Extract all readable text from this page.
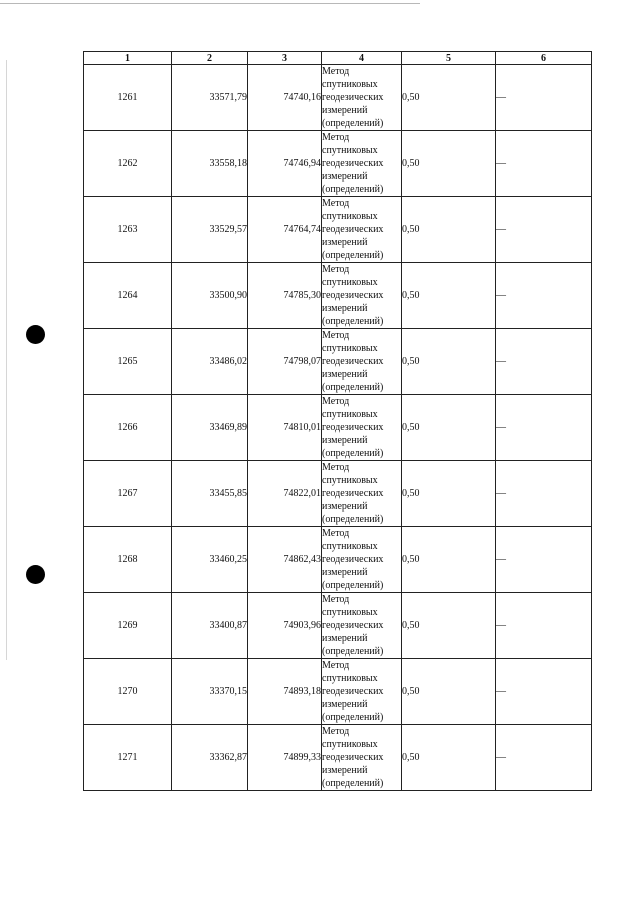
1	2	3	4	5	6
1261	33571,79	74740,16	Метод спутниковых геодезических измерений (определений)	0,50	—
1262	33558,18	74746,94	Метод спутниковых геодезических измерений (определений)	0,50	—
1263	33529,57	74764,74	Метод спутниковых геодезических измерений (определений)	0,50	—
1264	33500,90	74785,30	Метод спутниковых геодезических измерений (определений)	0,50	—
1265	33486,02	74798,07	Метод спутниковых геодезических измерений (определений)	0,50	—
1266	33469,89	74810,01	Метод спутниковых геодезических измерений (определений)	0,50	—
1267	33455,85	74822,01	Метод спутниковых геодезических измерений (определений)	0,50	—
1268	33460,25	74862,43	Метод спутниковых геодезических измерений (определений)	0,50	—
1269	33400,87	74903,96	Метод спутниковых геодезических измерений (определений)	0,50	—
1270	33370,15	74893,18	Метод спутниковых геодезических измерений (определений)	0,50	—
1271	33362,87	74899,33	Метод спутниковых геодезических измерений (определений)	0,50	—
